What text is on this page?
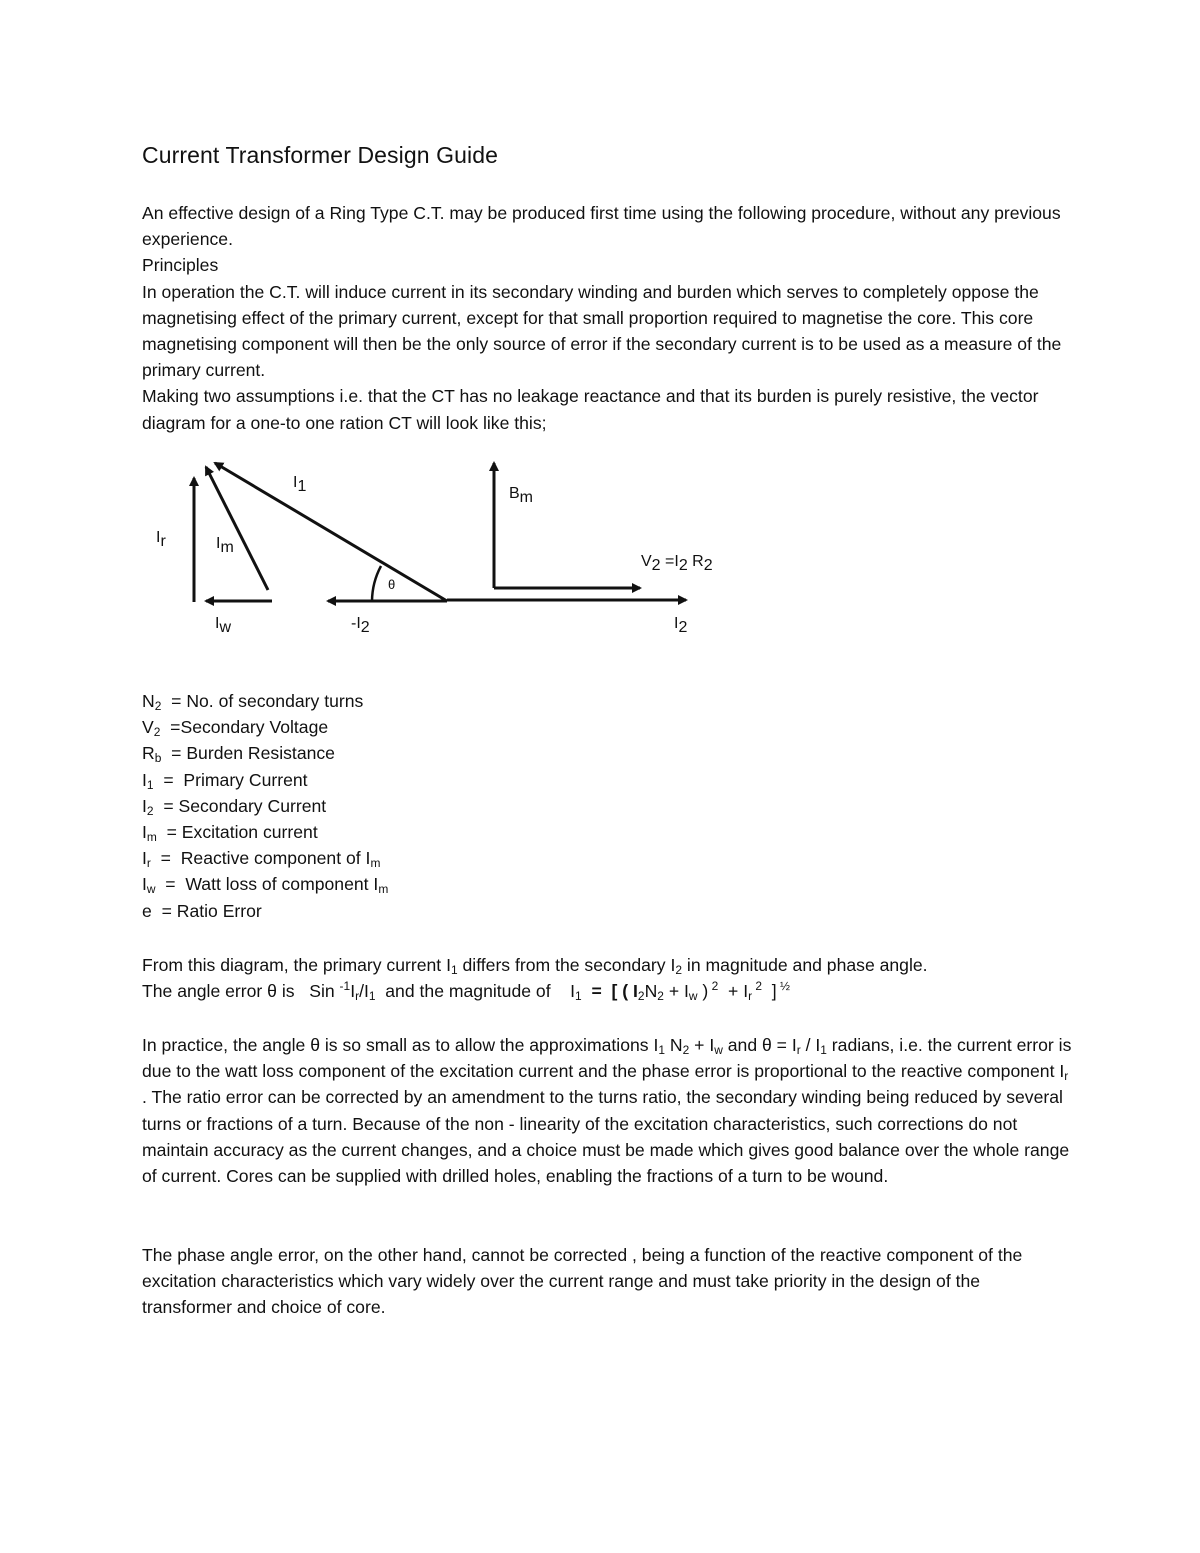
Current Transformer Design Guide

An effective design of a Ring Type C.T. may be produced first time using the following procedure, without any previous experience.

Principles

In operation the C.T. will induce current in its secondary winding and burden which serves to completely oppose the magnetising effect of the primary current, except for that small proportion required to magnetise the core. This core magnetising component will then be the only source of error if the secondary current is to be used as a measure of the primary current.

Making two assumptions i.e. that the CT has no leakage reactance and that its burden is purely resistive, the vector diagram for a one-to one ration CT will look like this;

I1
Ir	Im
θ
Bm
V2 =I2 R2
Iw	-I2	I2
$N_2 = No$. of secondary turns
$V_2$  =Secondary Voltage
$R_b$  = Burden Resistance
$I_1$  =  Primary Current
$I_2$  = Secondary Current
$I_m$  = Excitation current
$I_r$  =  Reactive component of $I_m$
$I_w$  =  Watt loss of component $I_m$
e  = Ratio Error

From this diagram, the primary current $I_1$ differs from the secondary $I_2$ in magnitude and phase angle.

The angle error θ is   Sin $^{-1}I_r/I_1$  and the magnitude of    $I_1$  =  [ ( $I_2N_2 + I_w$ ) $^2 + I_r$ $^2$  ] $^{\frac{1}{2}}$

In practice, the angle θ is so small as to allow the approximations $I_1$ $N_2 + I_w$ and $\theta = I_r / I_1$ radians, i.e. the current error is due to the watt loss component of the excitation current and the phase error is proportional to the reactive component $I_r$ . The ratio error can be corrected by an amendment to the turns ratio, the secondary winding being reduced by several turns or fractions of a turn. Because of the non - linearity of the excitation characteristics, such corrections do not maintain accuracy as the current changes, and a choice must be made which gives good balance over the whole range of current. Cores can be supplied with drilled holes, enabling the fractions of a turn to be wound.

The phase angle error, on the other hand, cannot be corrected , being a function of the reactive component of the excitation characteristics which vary widely over the current range and must take priority in the design of the transformer and choice of core.
